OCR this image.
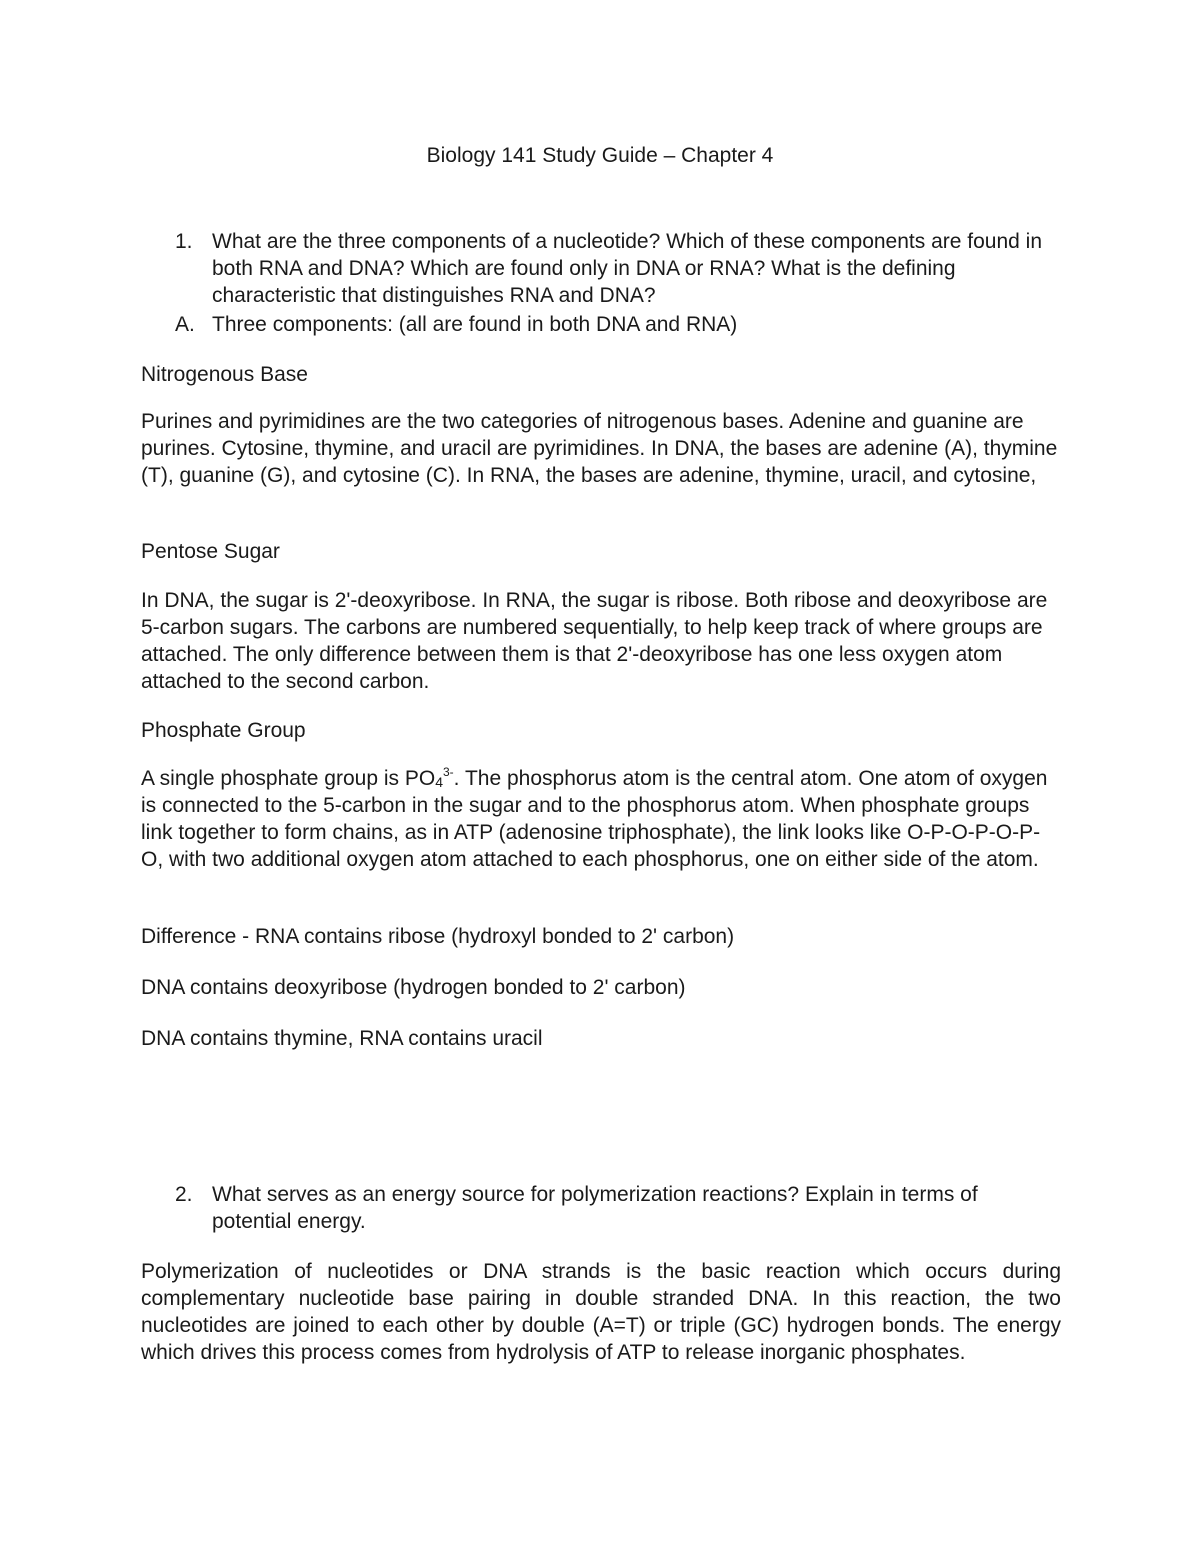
Biology 141 Study Guide – Chapter 4
1. What are the three components of a nucleotide? Which of these components are found in both RNA and DNA? Which are found only in DNA or RNA? What is the defining characteristic that distinguishes RNA and DNA?
A. Three components: (all are found in both DNA and RNA)
Nitrogenous Base
Purines and pyrimidines are the two categories of nitrogenous bases. Adenine and guanine are purines. Cytosine, thymine, and uracil are pyrimidines. In DNA, the bases are adenine (A), thymine (T), guanine (G), and cytosine (C). In RNA, the bases are adenine, thymine, uracil, and cytosine,
Pentose Sugar
In DNA, the sugar is 2'-deoxyribose. In RNA, the sugar is ribose. Both ribose and deoxyribose are 5-carbon sugars. The carbons are numbered sequentially, to help keep track of where groups are attached. The only difference between them is that 2'-deoxyribose has one less oxygen atom attached to the second carbon.
Phosphate Group
A single phosphate group is $PO_4^{3-}$. The phosphorus atom is the central atom. One atom of oxygen is connected to the 5-carbon in the sugar and to the phosphorus atom. When phosphate groups link together to form chains, as in ATP (adenosine triphosphate), the link looks like O-P-O-P-O-P-O, with two additional oxygen atom attached to each phosphorus, one on either side of the atom.
Difference - RNA contains ribose (hydroxyl bonded to 2' carbon)
DNA contains deoxyribose (hydrogen bonded to 2' carbon)
DNA contains thymine, RNA contains uracil
2. What serves as an energy source for polymerization reactions? Explain in terms of potential energy.
Polymerization of nucleotides or DNA strands is the basic reaction which occurs during complementary nucleotide base pairing in double stranded DNA. In this reaction, the two nucleotides are joined to each other by double (A=T) or triple (GC) hydrogen bonds. The energy which drives this process comes from hydrolysis of ATP to release inorganic phosphates.
